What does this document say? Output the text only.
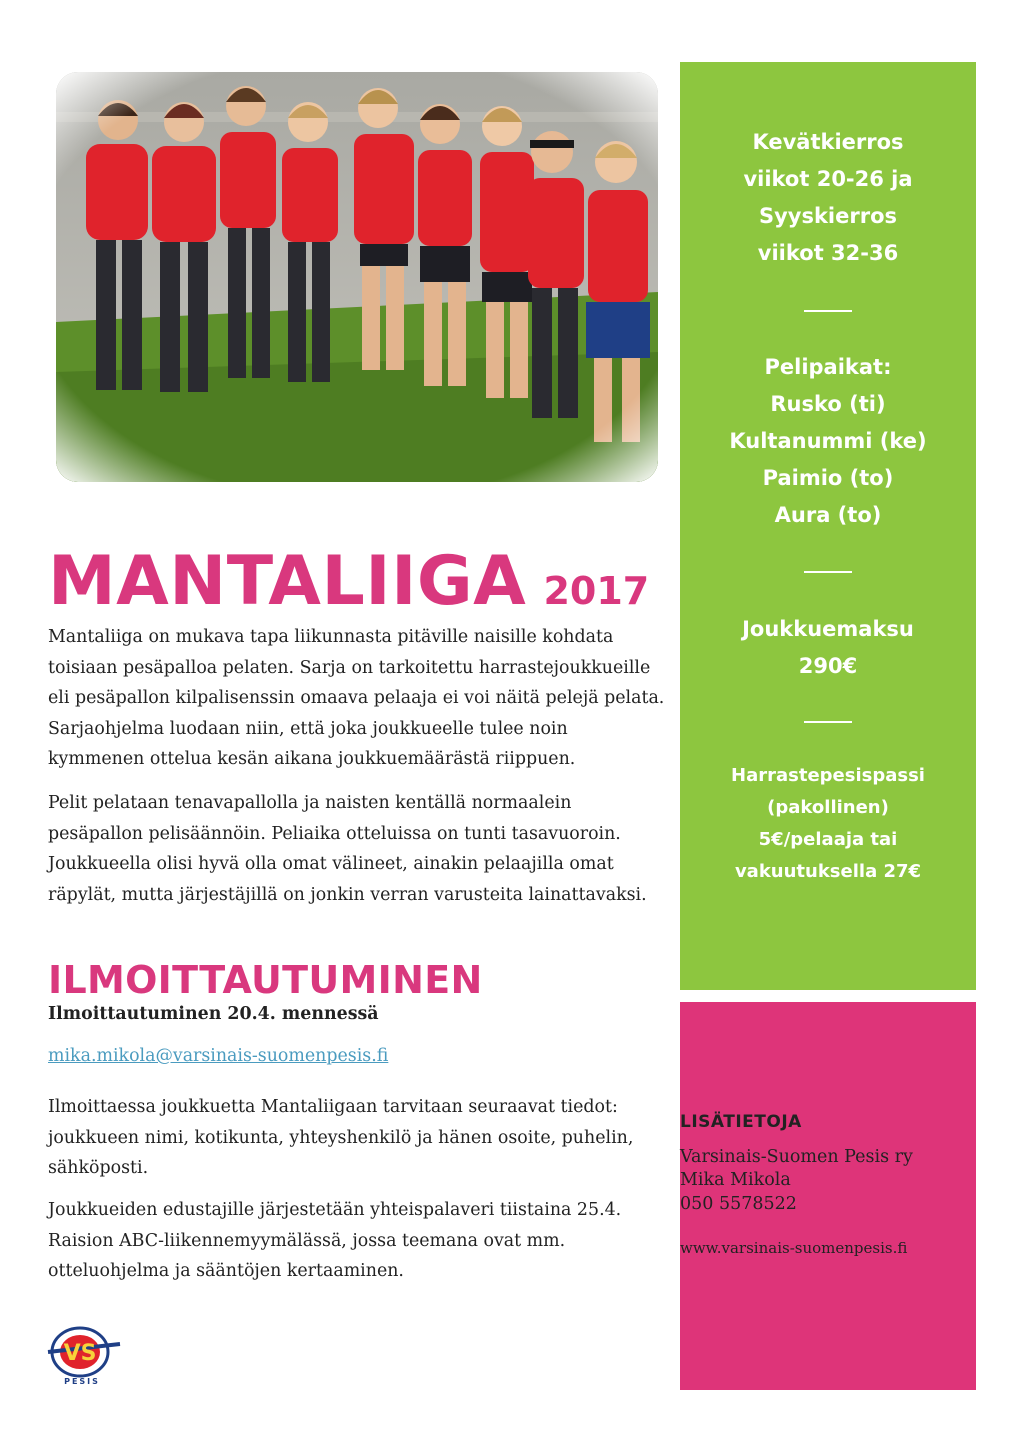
MANTALIIGA 2017

Mantaliiga on mukava tapa liikunnasta pitäville naisille kohdata toisiaan pesäpalloa pelaten. Sarja on tarkoitettu harrastejoukkueille eli pesäpallon kilpalisenssin omaava pelaaja ei voi näitä pelejä pelata. Sarjaohjelma luodaan niin, että joka joukkueelle tulee noin kymmenen ottelua kesän aikana joukkuemäärästä riippuen.

Pelit pelataan tenavapallolla ja naisten kentällä normaalein pesäpallon pelisäännöin. Peliaika otteluissa on tunti tasavuoroin. Joukkueella olisi hyvä olla omat välineet, ainakin pelaajilla omat räpylät, mutta järjestäjillä on jonkin verran varusteita lainattavaksi.

ILMOITTAUTUMINEN

Ilmoittautuminen 20.4. mennessä

mika.mikola@varsinais-suomenpesis.fi

Ilmoittaessa joukkuetta Mantaliigaan tarvitaan seuraavat tiedot: joukkueen nimi, kotikunta, yhteyshenkilö ja hänen osoite, puhelin, sähköposti.

Joukkueiden edustajille järjestetään yhteispalaveri tiistaina 25.4. Raision ABC-liikennemyymälässä, jossa teemana ovat mm. otteluohjelma ja sääntöjen kertaaminen.

Kevätkierros

viikot 20-26 ja

Syyskierros

viikot 32-36

Pelipaikat:

Rusko (ti)

Kultanummi (ke)

Paimio (to)

Aura (to)

Joukkuemaksu

290€

Harrastepesispassi

(pakollinen)

5€/pelaaja tai

vakuutuksella 27€

LISÄTIETOJA

Varsinais-Suomen Pesis ry

Mika Mikola

050 5578522

www.varsinais-suomenpesis.fi

VS
PESIS
